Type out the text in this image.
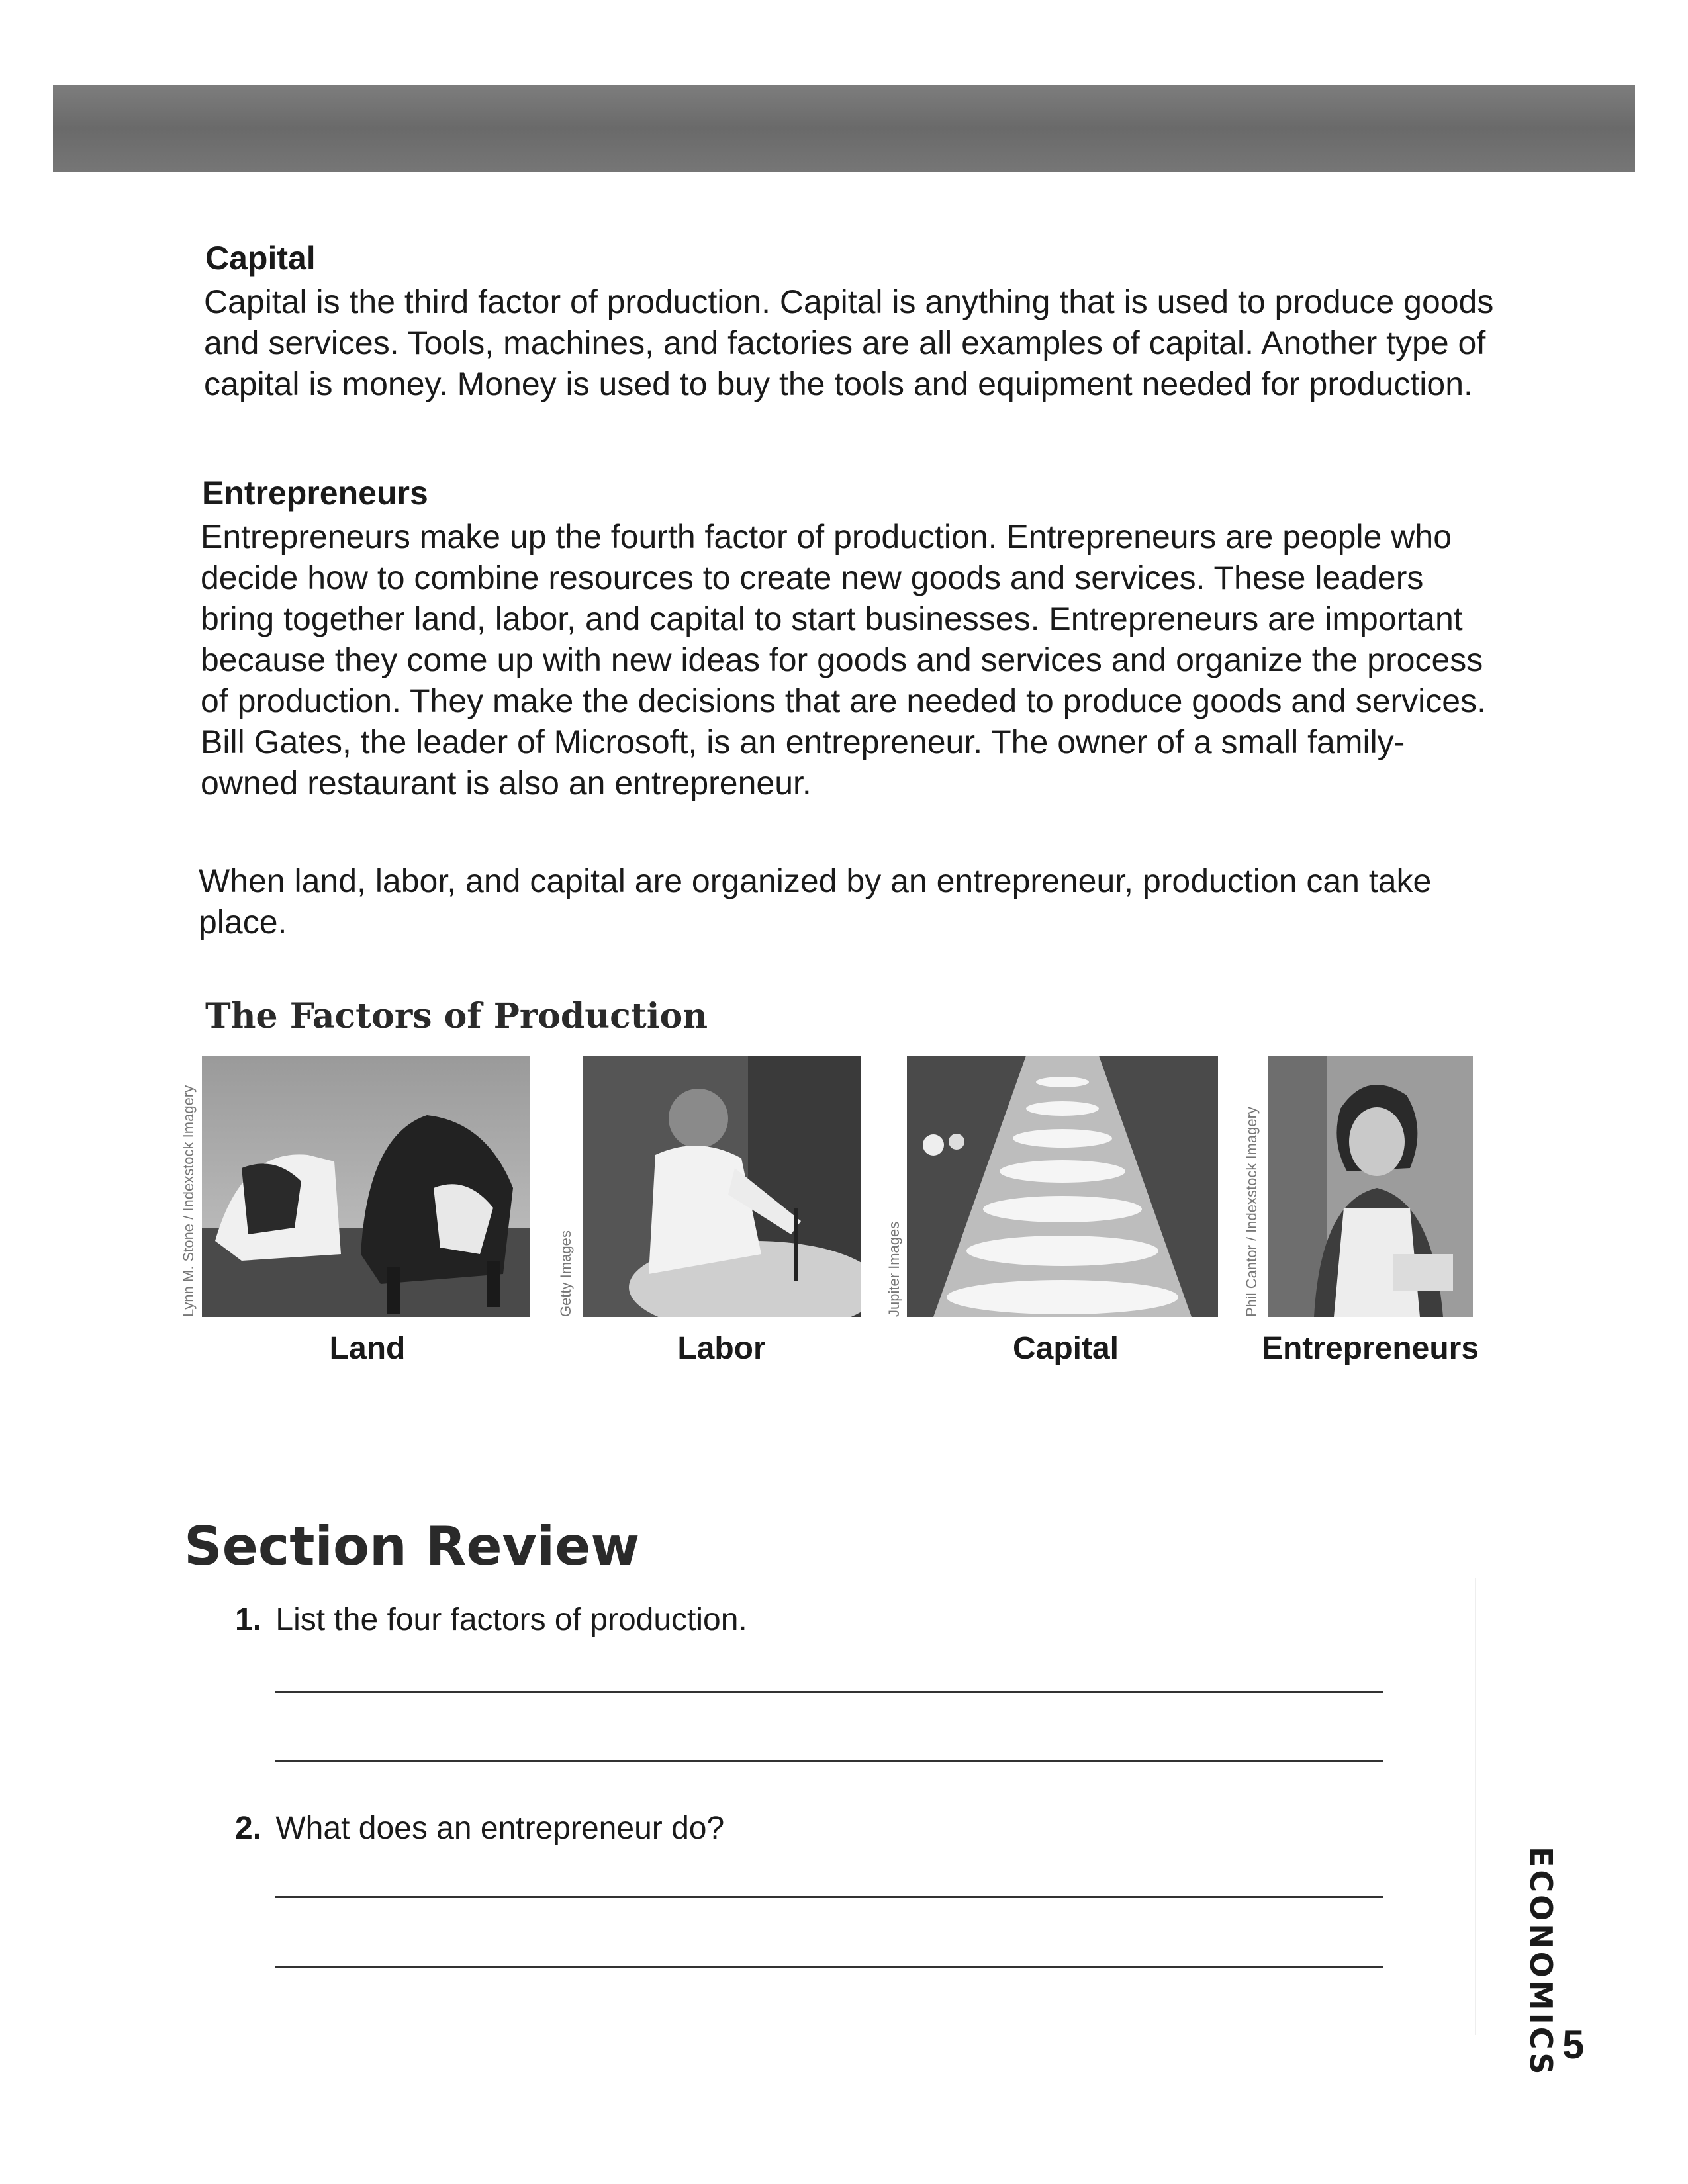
Capital

Capital is the third factor of production. Capital is anything that is used to produce goods and services. Tools, machines, and factories are all examples of capital. Another type of capital is money. Money is used to buy the tools and equipment needed for production.

Entrepreneurs

Entrepreneurs make up the fourth factor of production. Entrepreneurs are people who decide how to combine resources to create new goods and services. These leaders bring together land, labor, and capital to start businesses. Entrepreneurs are important because they come up with new ideas for goods and services and organize the process of production. They make the decisions that are needed to produce goods and services. Bill Gates, the leader of Microsoft, is an entrepreneur. The owner of a small family-owned restaurant is also an entrepreneur.

When land, labor, and capital are organized by an entrepreneur, production can take place.

The Factors of Production
Lynn M. Stone / Indexstock Imagery	Getty Images	Jupiter Images	Phil Cantor / Indexstock Imagery
Land	Labor	Capital	Entrepreneurs
Section Review
1. List the four factors of production.
2. What does an entrepreneur do?
ECONOMICS 5
